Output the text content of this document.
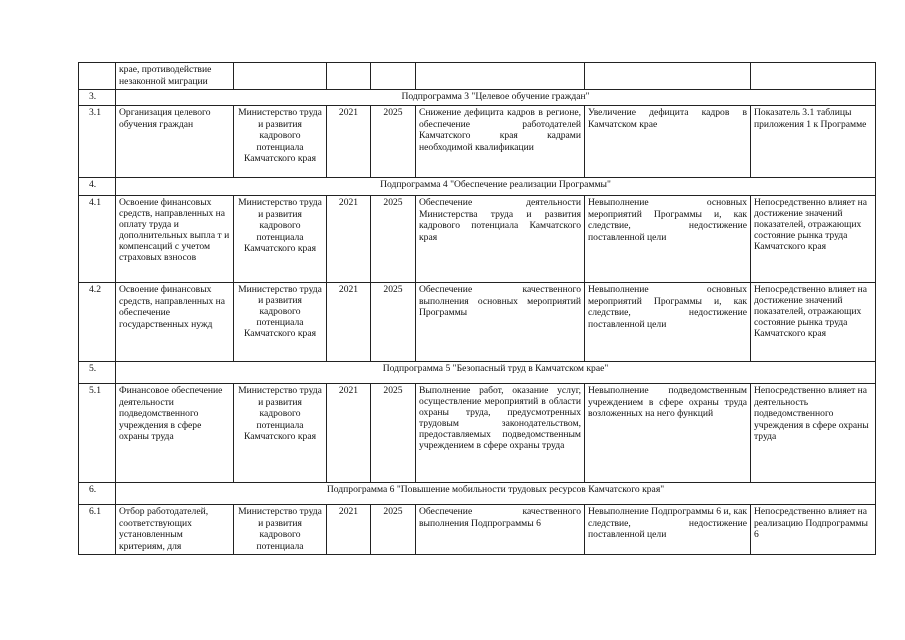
	крае, противодействие незаконной миграции						
3.	Подпрограмма 3 "Целевое обучение граждан"						
3.1	Организация целевого обучения граждан	Министерство труда и развития кадрового потенциала Камчатского края	2021	2025	Снижение дефицита кадров в регионе, обеспечение работодателей Камчатского края кадрами необходимой квалификации	Увеличение дефицита кадров в Камчатском крае	Показатель 3.1 таблицы приложения 1 к Программе
4.	Подпрограмма 4 "Обеспечение реализации Программы"						
4.1	Освоение финансовых средств, направленных на оплату труда и дополнительных выпла т и компенсаций с учетом страховых взносов	Министерство труда и развития кадрового потенциала Камчатского края	2021	2025	Обеспечение деятельности Министерства труда и развития кадрового потенциала Камчатского края	Невыполнение основных мероприятий Программы и, как следствие, недостижение поставленной цели	Непосредственно влияет на достижение значений показателей, отражающих состояние рынка труда Камчатского края
4.2	Освоение финансовых средств, направленных на обеспечение государственных нужд	Министерство труда и развития кадрового потенциала Камчатского края	2021	2025	Обеспечение качественного выполнения основных мероприятий Программы	Невыполнение основных мероприятий Программы и, как следствие, недостижение поставленной цели	Непосредственно влияет на достижение значений показателей, отражающих состояние рынка труда Камчатского края
5.	Подпрограмма 5 "Безопасный труд в Камчатском крае"						
5.1	Финансовое обеспечение деятельности подведомственного учреждения в сфере охраны труда	Министерство труда и развития кадрового потенциала Камчатского края	2021	2025	Выполнение работ, оказание услуг, осуществление мероприятий в области охраны труда, предусмотренных трудовым законодательством, предоставляемых подведомственным учреждением в сфере охраны труда	Невыполнение подведомственным учреждением в сфере охраны труда возложенных на него функций	Непосредственно влияет на деятельность подведомственного учреждения в сфере охраны труда
6.	Подпрограмма 6 "Повышение мобильности трудовых ресурсов Камчатского края"						
6.1	Отбор работодателей, соответствующих установленным критериям, для	Министерство труда и развития кадрового потенциала	2021	2025	Обеспечение качественного выполнения Подпрограммы 6	Невыполнение Подпрограммы 6 и, как следствие, недостижение поставленной цели	Непосредственно влияет на реализацию Подпрограммы 6
